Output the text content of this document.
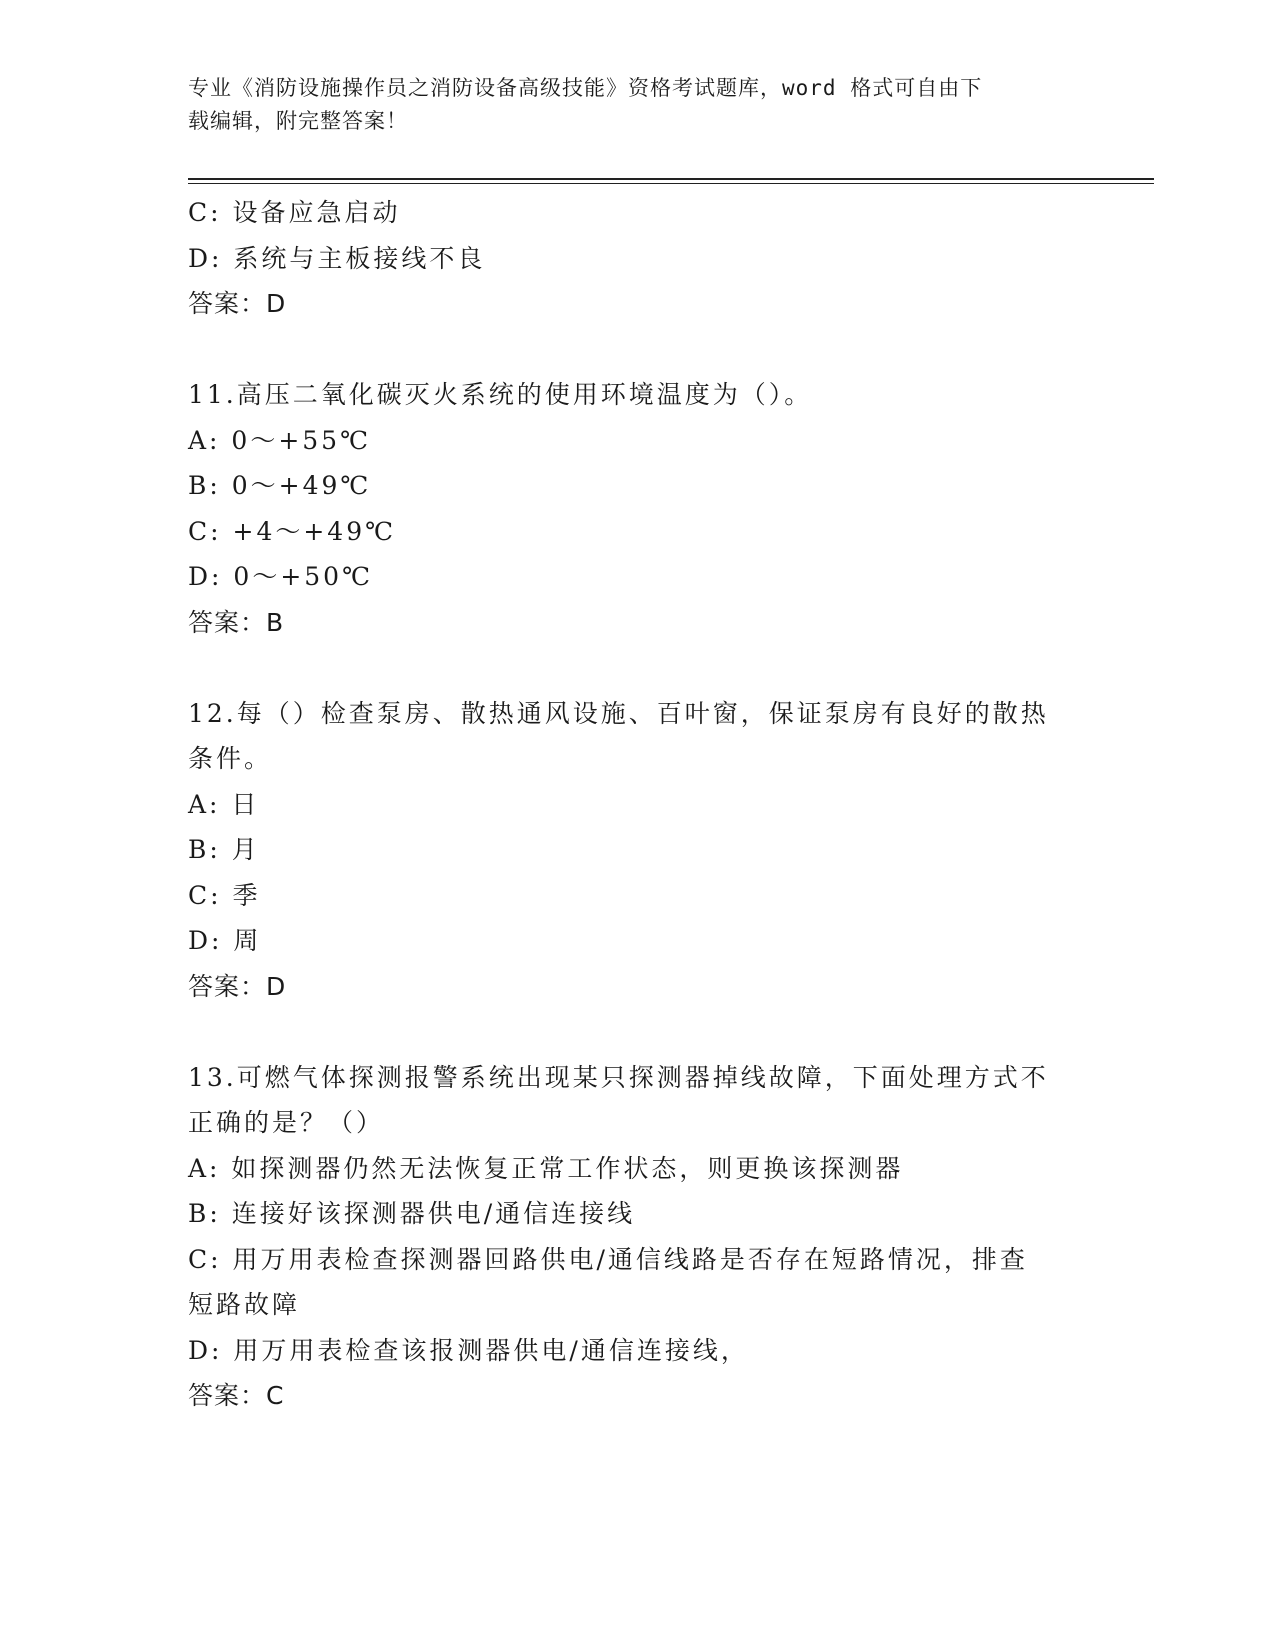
专业《消防设施操作员之消防设备高级技能》资格考试题库，word 格式可自由下
载编辑，附完整答案！
C: 设备应急启动
D: 系统与主板接线不良
答案：D
11.高压二氧化碳灭火系统的使用环境温度为（）。
A: 0～+55℃
B: 0～+49℃
C: +4～+49℃
D: 0～+50℃
答案：B
12.每（）检查泵房、散热通风设施、百叶窗，保证泵房有良好的散热
条件。
A: 日
B: 月
C: 季
D: 周
答案：D
13.可燃气体探测报警系统出现某只探测器掉线故障，下面处理方式不
正确的是？（）
A: 如探测器仍然无法恢复正常工作状态，则更换该探测器
B: 连接好该探测器供电/通信连接线
C: 用万用表检查探测器回路供电/通信线路是否存在短路情况，排查
短路故障
D: 用万用表检查该报测器供电/通信连接线，
答案：C
